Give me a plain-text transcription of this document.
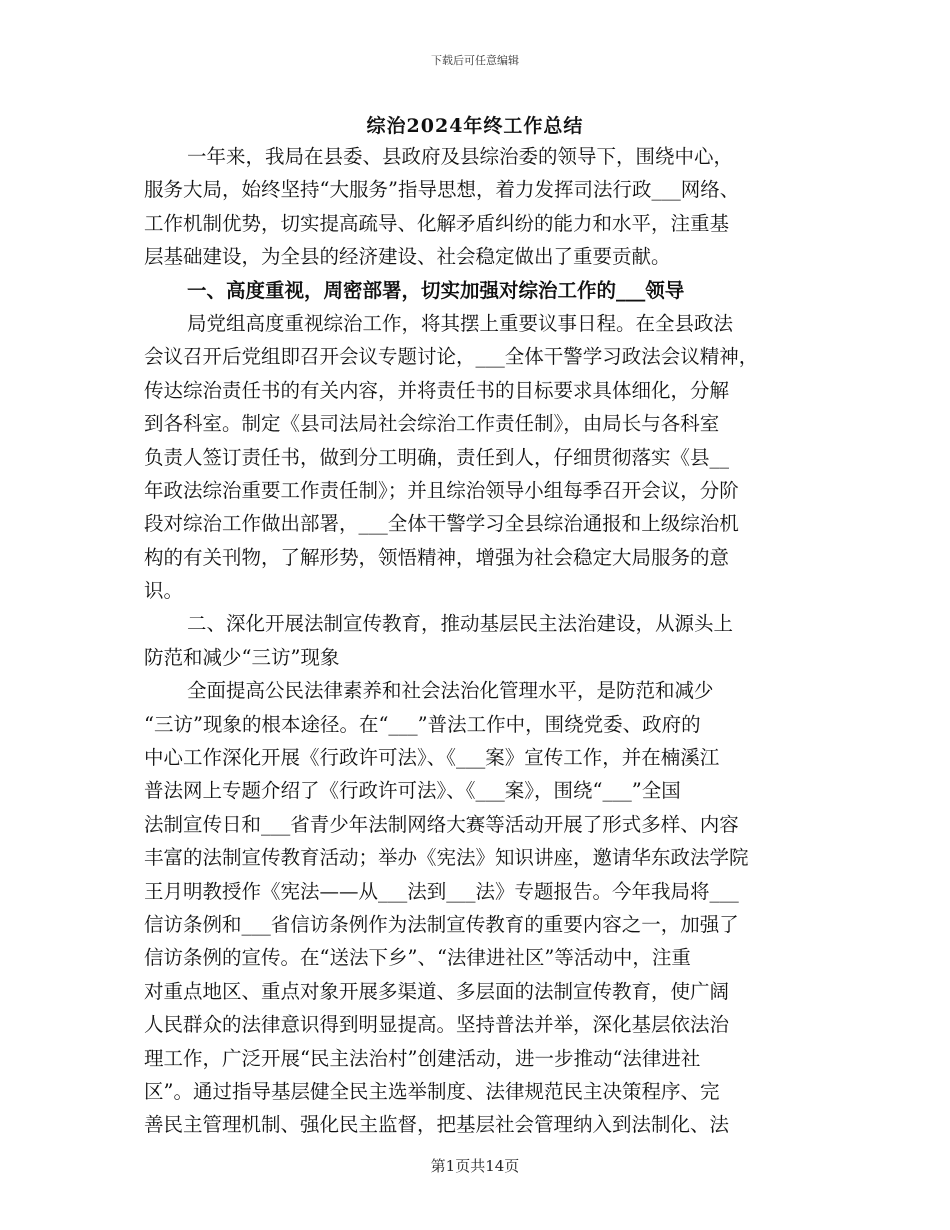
下载后可任意编辑
综治2024年终工作总结
一年来，我局在县委、县政府及县综治委的领导下，围绕中心，
服务大局，始终坚持“大服务”指导思想，着力发挥司法行政___网络、
工作机制优势，切实提高疏导、化解矛盾纠纷的能力和水平，注重基
层基础建设，为全县的经济建设、社会稳定做出了重要贡献。
一、高度重视，周密部署，切实加强对综治工作的___领导
局党组高度重视综治工作，将其摆上重要议事日程。在全县政法
会议召开后党组即召开会议专题讨论，___全体干警学习政法会议精神，
传达综治责任书的有关内容，并将责任书的目标要求具体细化，分解
到各科室。制定《县司法局社会综治工作责任制》，由局长与各科室
负责人签订责任书，做到分工明确，责任到人，仔细贯彻落实《县__
年政法综治重要工作责任制》；并且综治领导小组每季召开会议，分阶
段对综治工作做出部署，___全体干警学习全县综治通报和上级综治机
构的有关刊物，了解形势，领悟精神，增强为社会稳定大局服务的意
识。
二、深化开展法制宣传教育，推动基层民主法治建设，从源头上
防范和减少“三访”现象
全面提高公民法律素养和社会法治化管理水平，是防范和减少
“三访”现象的根本途径。在“___”普法工作中，围绕党委、政府的
中心工作深化开展《行政许可法》、《___案》宣传工作，并在楠溪江
普法网上专题介绍了《行政许可法》、《___案》，围绕“___”全国
法制宣传日和___省青少年法制网络大赛等活动开展了形式多样、内容
丰富的法制宣传教育活动；举办《宪法》知识讲座，邀请华东政法学院
王月明教授作《宪法——从___法到___法》专题报告。今年我局将___
信访条例和___省信访条例作为法制宣传教育的重要内容之一，加强了
信访条例的宣传。在“送法下乡”、“法律进社区”等活动中，注重
对重点地区、重点对象开展多渠道、多层面的法制宣传教育，使广阔
人民群众的法律意识得到明显提高。坚持普法并举，深化基层依法治
理工作，广泛开展“民主法治村”创建活动，进一步推动“法律进社
区”。通过指导基层健全民主选举制度、法律规范民主决策程序、完
善民主管理机制、强化民主监督，把基层社会管理纳入到法制化、法
第1页共14页
